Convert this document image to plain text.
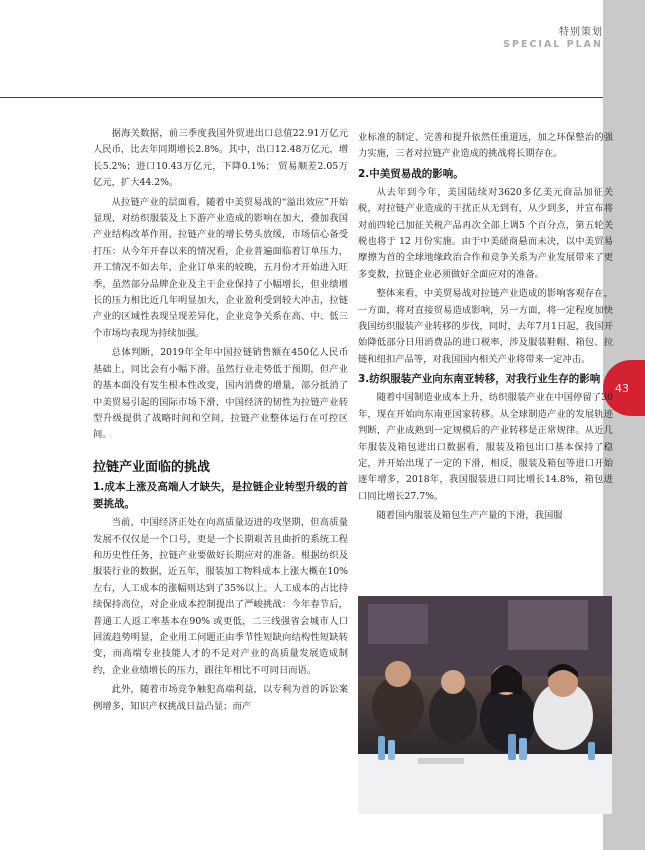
43
特别策划
SPECIAL PLAN

据海关数据，前三季度我国外贸进出口总值22.91万亿元人民币，比去年同期增长2.8%。其中，出口12.48万亿元，增长5.2%；进口10.43万亿元，下降0.1%； 贸易顺差2.05万亿元，扩大44.2%。

从拉链产业的层面看，随着中美贸易战的“溢出效应”开始显现，对纺织服装及上下游产业造成的影响在加大，叠加我国产业结构改革作用，拉链产业的增长势头放缓，市场信心备受打压：从今年开春以来的情况看，企业普遍面临着订单压力，开工情况不如去年，企业订单来的较晚，五月份才开始进入旺季，虽然部分品牌企业及主干企业保持了小幅增长，但业绩增长的压力相比近几年明显加大，企业盈利受到较大冲击，拉链产业的区域性表现呈现差异化，企业竞争关系在高、中、低三个市场均表现为持续加强。

总体判断，2019年全年中国拉链销售额在450亿人民币基础上，同比会有小幅下滑。虽然行业走势低于预期，但产业的基本面没有发生根本性改变，国内消费的增量，部分抵消了中美贸易引起的国际市场下滑，中国经济的韧性为拉链产业转型升级提供了战略时间和空间，拉链产业整体运行在可控区间。

拉链产业面临的挑战
1.成本上涨及高端人才缺失，是拉链企业转型升级的首要挑战。

当前，中国经济正处在向高质量迈进的攻坚期，但高质量发展不仅仅是一个口号，更是一个长期艰苦且曲折的系统工程和历史性任务，拉链产业要做好长期应对的准备。根据纺织及服装行业的数据，近五年，服装加工物料成本上涨大概在10%左右，人工成本的涨幅则达到了35%以上。人工成本的占比持续保持高位，对企业成本控制提出了严峻挑战：今年春节后，普通工人返工率基本在90% 或更低，二三线强省会城市人口回流趋势明显，企业用工问题正由季节性短缺向结构性短缺转变，而高端专业技能人才的不足对产业的高质量发展造成制约，企业业绩增长的压力，跟往年相比不可同日而语。

此外，随着市场竞争触犯高端利益，以专利为首的诉讼案例增多，知识产权挑战日益凸显；而产

业标准的制定、完善和提升依然任重道远，加之环保整治的强力实施，三者对拉链产业造成的挑战将长期存在。

2.中美贸易战的影响。

从去年到今年，美国陆续对3620多亿美元商品加征关税，对拉链产业造成的干扰正从无到有，从少到多，并宣布将对前四轮已加征关税产品再次全部上调5 个百分点，第五轮关税也将于 12 月份实施。由于中美磋商悬而未决，以中美贸易摩擦为首的全球地缘政治合作和竞争关系为产业发展带来了更多变数，拉链企业必须做好全面应对的准备。

整体来看，中美贸易战对拉链产业造成的影响客观存在，一方面，将对直接贸易造成影响，另一方面，将一定程度加快我国纺织服装产业转移的步伐，同时，去年7月1日起，我国开始降低部分日用消费品的进口税率，涉及服装鞋帽、箱包、拉链和纽扣产品等，对我国国内相关产业将带来一定冲击。

3.纺织服装产业向东南亚转移，对我行业生存的影响

随着中国制造业成本上升，纺织服装产业在中国停留了30年，现在开始向东南亚国家转移。从全球制造产业的发展轨迹判断，产业成熟到一定规模后的产业转移是正常规律。从近几年服装及箱包进出口数据看，服装及箱包出口基本保持了稳定，并开始出现了一定的下滑，相反，服装及箱包等进口开始逐年增多，2018年，我国服装进口同比增长14.8%，箱包进口同比增长27.7%。

随着国内服装及箱包生产产量的下滑，我国服
